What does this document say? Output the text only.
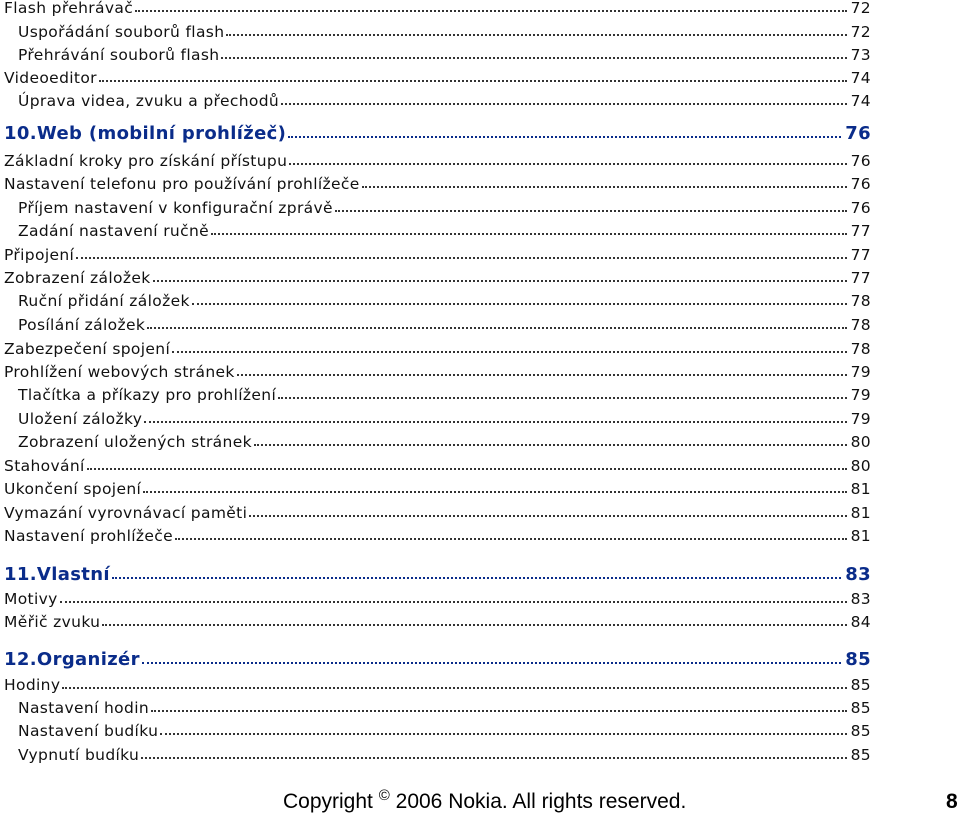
Flash přehrávač	72
Uspořádání souborů flash	72
Přehrávání souborů flash	73
Videoeditor	74
Úprava videa, zvuku a přechodů	74
10.Web (mobilní prohlížeč)	76
Základní kroky pro získání přístupu	76
Nastavení telefonu pro používání prohlížeče	76
Příjem nastavení v konfigurační zprávě	76
Zadání nastavení ručně	77
Připojení	77
Zobrazení záložek	77
Ruční přidání záložek	78
Posílání záložek	78
Zabezpečení spojení	78
Prohlížení webových stránek	79
Tlačítka a příkazy pro prohlížení	79
Uložení záložky	79
Zobrazení uložených stránek	80
Stahování	80
Ukončení spojení	81
Vymazání vyrovnávací paměti	81
Nastavení prohlížeče	81
11.Vlastní	83
Motivy	83
Měřič zvuku	84
12.Organizér	85
Hodiny	85
Nastavení hodin	85
Nastavení budíku	85
Vypnutí budíku	85
Copyright © 2006 Nokia. All rights reserved.	8
